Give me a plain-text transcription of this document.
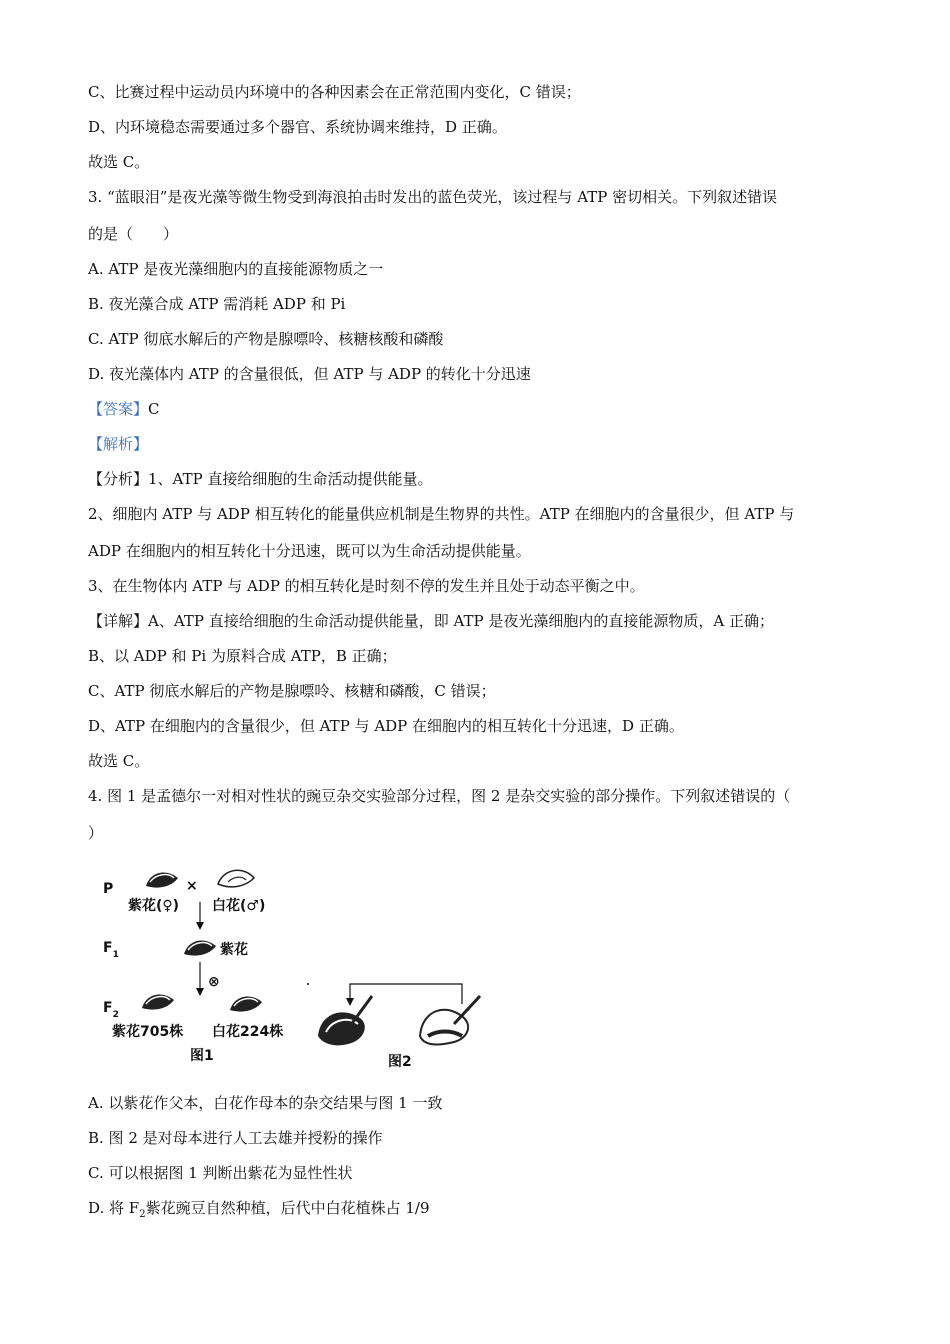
C、比赛过程中运动员内环境中的各种因素会在正常范围内变化，C 错误；
D、内环境稳态需要通过多个器官、系统协调来维持，D 正确。
故选 C。
3. “蓝眼泪”是夜光藻等微生物受到海浪拍击时发出的蓝色荧光，该过程与 ATP 密切相关。下列叙述错误
的是（　　）
A. ATP 是夜光藻细胞内的直接能源物质之一
B. 夜光藻合成 ATP 需消耗 ADP 和 Pi
C. ATP 彻底水解后的产物是腺嘌呤、核糖核酸和磷酸
D. 夜光藻体内 ATP 的含量很低，但 ATP 与 ADP 的转化十分迅速
【答案】C
【解析】
【分析】1、ATP 直接给细胞的生命活动提供能量。
2、细胞内 ATP 与 ADP 相互转化的能量供应机制是生物界的共性。ATP 在细胞内的含量很少，但 ATP 与
ADP 在细胞内的相互转化十分迅速，既可以为生命活动提供能量。
3、在生物体内 ATP 与 ADP 的相互转化是时刻不停的发生并且处于动态平衡之中。
【详解】A、ATP 直接给细胞的生命活动提供能量，即 ATP 是夜光藻细胞内的直接能源物质，A 正确；
B、以 ADP 和 Pi 为原料合成 ATP，B 正确；
C、ATP 彻底水解后的产物是腺嘌呤、核糖和磷酸，C 错误；
D、ATP 在细胞内的含量很少，但 ATP 与 ADP 在细胞内的相互转化十分迅速，D 正确。
故选 C。
4. 图 1 是孟德尔一对相对性状的豌豆杂交实验部分过程，图 2 是杂交实验的部分操作。下列叙述错误的（
）
P	×
紫花(♀) 白花(♂)
$F_1$	紫花
⊗
$F_2$
紫花705株 白花224株
图1	图2
A. 以紫花作父本，白花作母本的杂交结果与图 1 一致
B. 图 2 是对母本进行人工去雄并授粉的操作
C. 可以根据图 1 判断出紫花为显性性状
D. 将 $F_2$紫花豌豆自然种植，后代中白花植株占 1/9
